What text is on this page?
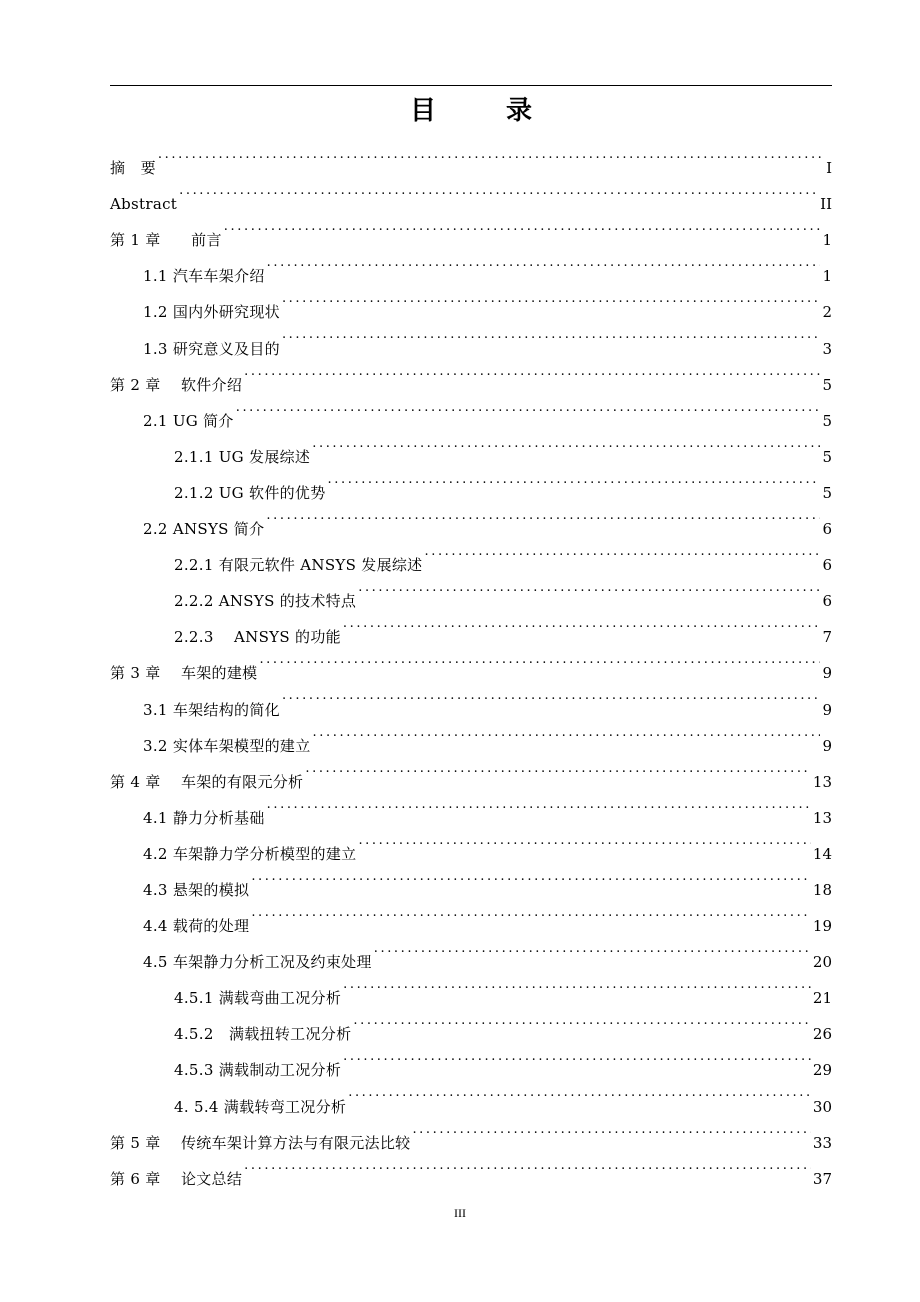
目　录
摘　要 .....	I
Abstract .....	II
第 1 章　　前言 .....	1
1.1 汽车车架介绍 .....	1
1.2 国内外研究现状 .....	2
1.3 研究意义及目的 .....	3
第 2 章　 软件介绍 .....	5
2.1 UG 简介 .....	5
2.1.1 UG 发展综述 .....	5
2.1.2 UG 软件的优势 .....	5
2.2 ANSYS 简介 .....	6
2.2.1 有限元软件 ANSYS 发展综述 .....	6
2.2.2 ANSYS 的技术特点 .....	6
2.2.3　 ANSYS 的功能 .....	7
第 3 章　 车架的建模 .....	9
3.1 车架结构的简化 .....	9
3.2 实体车架模型的建立 .....	9
第 4 章　 车架的有限元分析 .....	13
4.1 静力分析基础 .....	13
4.2 车架静力学分析模型的建立 .....	14
4.3 悬架的模拟 .....	18
4.4 载荷的处理 .....	19
4.5 车架静力分析工况及约束处理 .....	20
4.5.1 满载弯曲工况分析 .....	21
4.5.2　满载扭转工况分析 .....	26
4.5.3 满载制动工况分析 .....	29
4. 5.4 满载转弯工况分析 .....	30
第 5 章　 传统车架计算方法与有限元法比较 .....	33
第 6 章　 论文总结 .....	37
III
